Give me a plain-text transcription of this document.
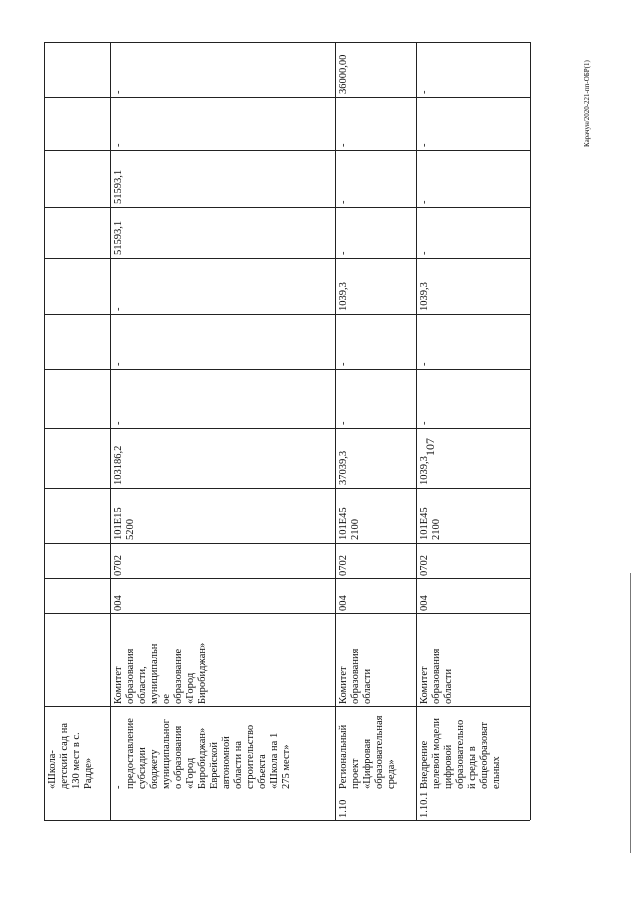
107
Карачун/2020-221-пп-ОБР(1)
«Школа-
детский сад на
130 мест в с.
Радде»	-
предоставление
субсидии
бюджету
муниципальног
о образования
«Город
Биробиджан»
Еврейской
автономной
области на
строительство
объекта
«Школа на 1
275 мест»
Комитет
образования
области,
муниципальн
ое
образование
«Город
Биробиджан»
004
0702
101E15
5200
103186,2
-
-
-
51593,1
51593,1
-
-
1.10
Региональный
проект
«Цифровая
образовательная
среда»
Комитет
образования
области
004
0702
101E45
2100
37039,3
-
-
1039,3
-
-
-
36000,00
1.10.1
Внедрение
целевой модели
цифровой
образовательно
й среды в
общеобразоват
ельных
Комитет
образования
области
004
0702
101E45
2100
1039,3
-
-
1039,3
-
-
-
-
